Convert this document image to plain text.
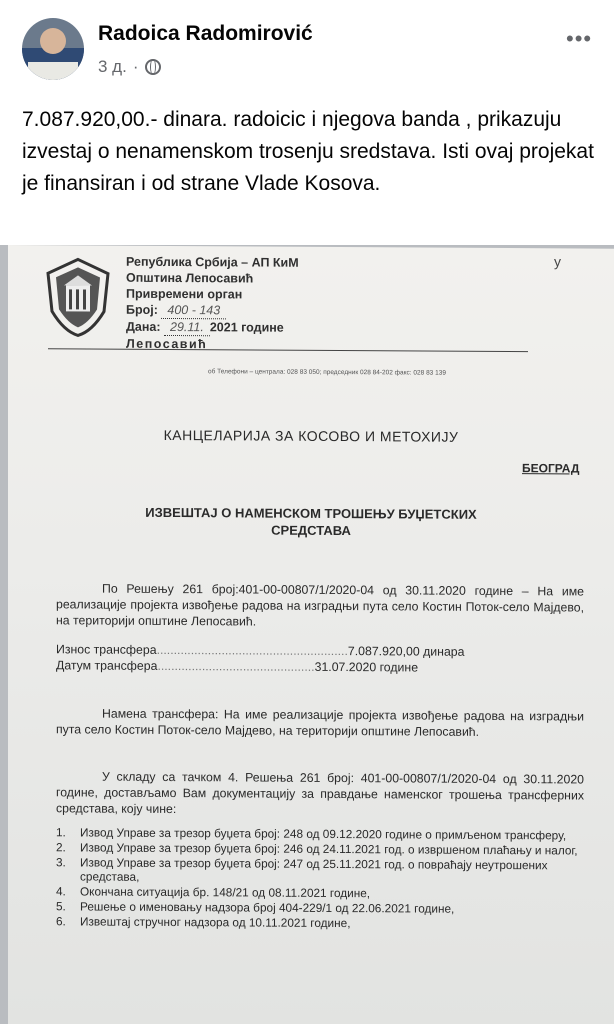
Radoica Radomirović
3 д. ·
•••
7.087.920,00.- dinara. radoicic i njegova banda , prikazuju izvestaj o nenamenskom trosenju sredstava. Isti ovaj projekat je finansiran i od strane Vlade Kosova.
у
Република Србија – АП КиМ
Општина Лепосавић
Привремени орган
Број: 400 - 143
Дана: 29.11. 2021 године
Лепосавић
об Телефони – централа: 028 83 050; председник 028 84-202 факс: 028 83 139
КАНЦЕЛАРИЈА ЗА КОСОВО И МЕТОХИЈУ
БЕОГРАД
ИЗВЕШТАЈ О НАМЕНСКОМ ТРОШЕЊУ БУЏЕТСКИХ
СРЕДСТАВА
По Решењу 261 број:401-00-00807/1/2020-04 од 30.11.2020 године – На име реализације пројекта извођење радова на изградњи пута село Костин Поток-село Мајдево, на територији општине Лепосавић.
Износ трансфера........................................................7.087.920,00 динара
Датум трансфера..............................................31.07.2020 године
Намена трансфера: На име реализације пројекта извођење радова на изградњи пута село Костин Поток-село Мајдево, на територији општине Лепосавић.
У складу са тачком 4. Решења 261 број: 401-00-00807/1/2020-04 од 30.11.2020 године, достављамо Вам документацију за правдање наменског трошења трансферних средстава, коју чине:
1.	Извод Управе за трезор буџета број: 248 од 09.12.2020 године о примљеном трансферу,
2.	Извод Управе за трезор буџета број: 246 од 24.11.2021 год. о извршеном плаћању и налог,
3.	Извод Управе за трезор буџета број: 247 од 25.11.2021 год. о повраћају неутрошених средстава,
4.	Окончана ситуација бр. 148/21 од 08.11.2021 године,
5.	Решење о именовању надзора број 404-229/1 од 22.06.2021 године,
6.	Извештај стручног надзора од 10.11.2021 године,
